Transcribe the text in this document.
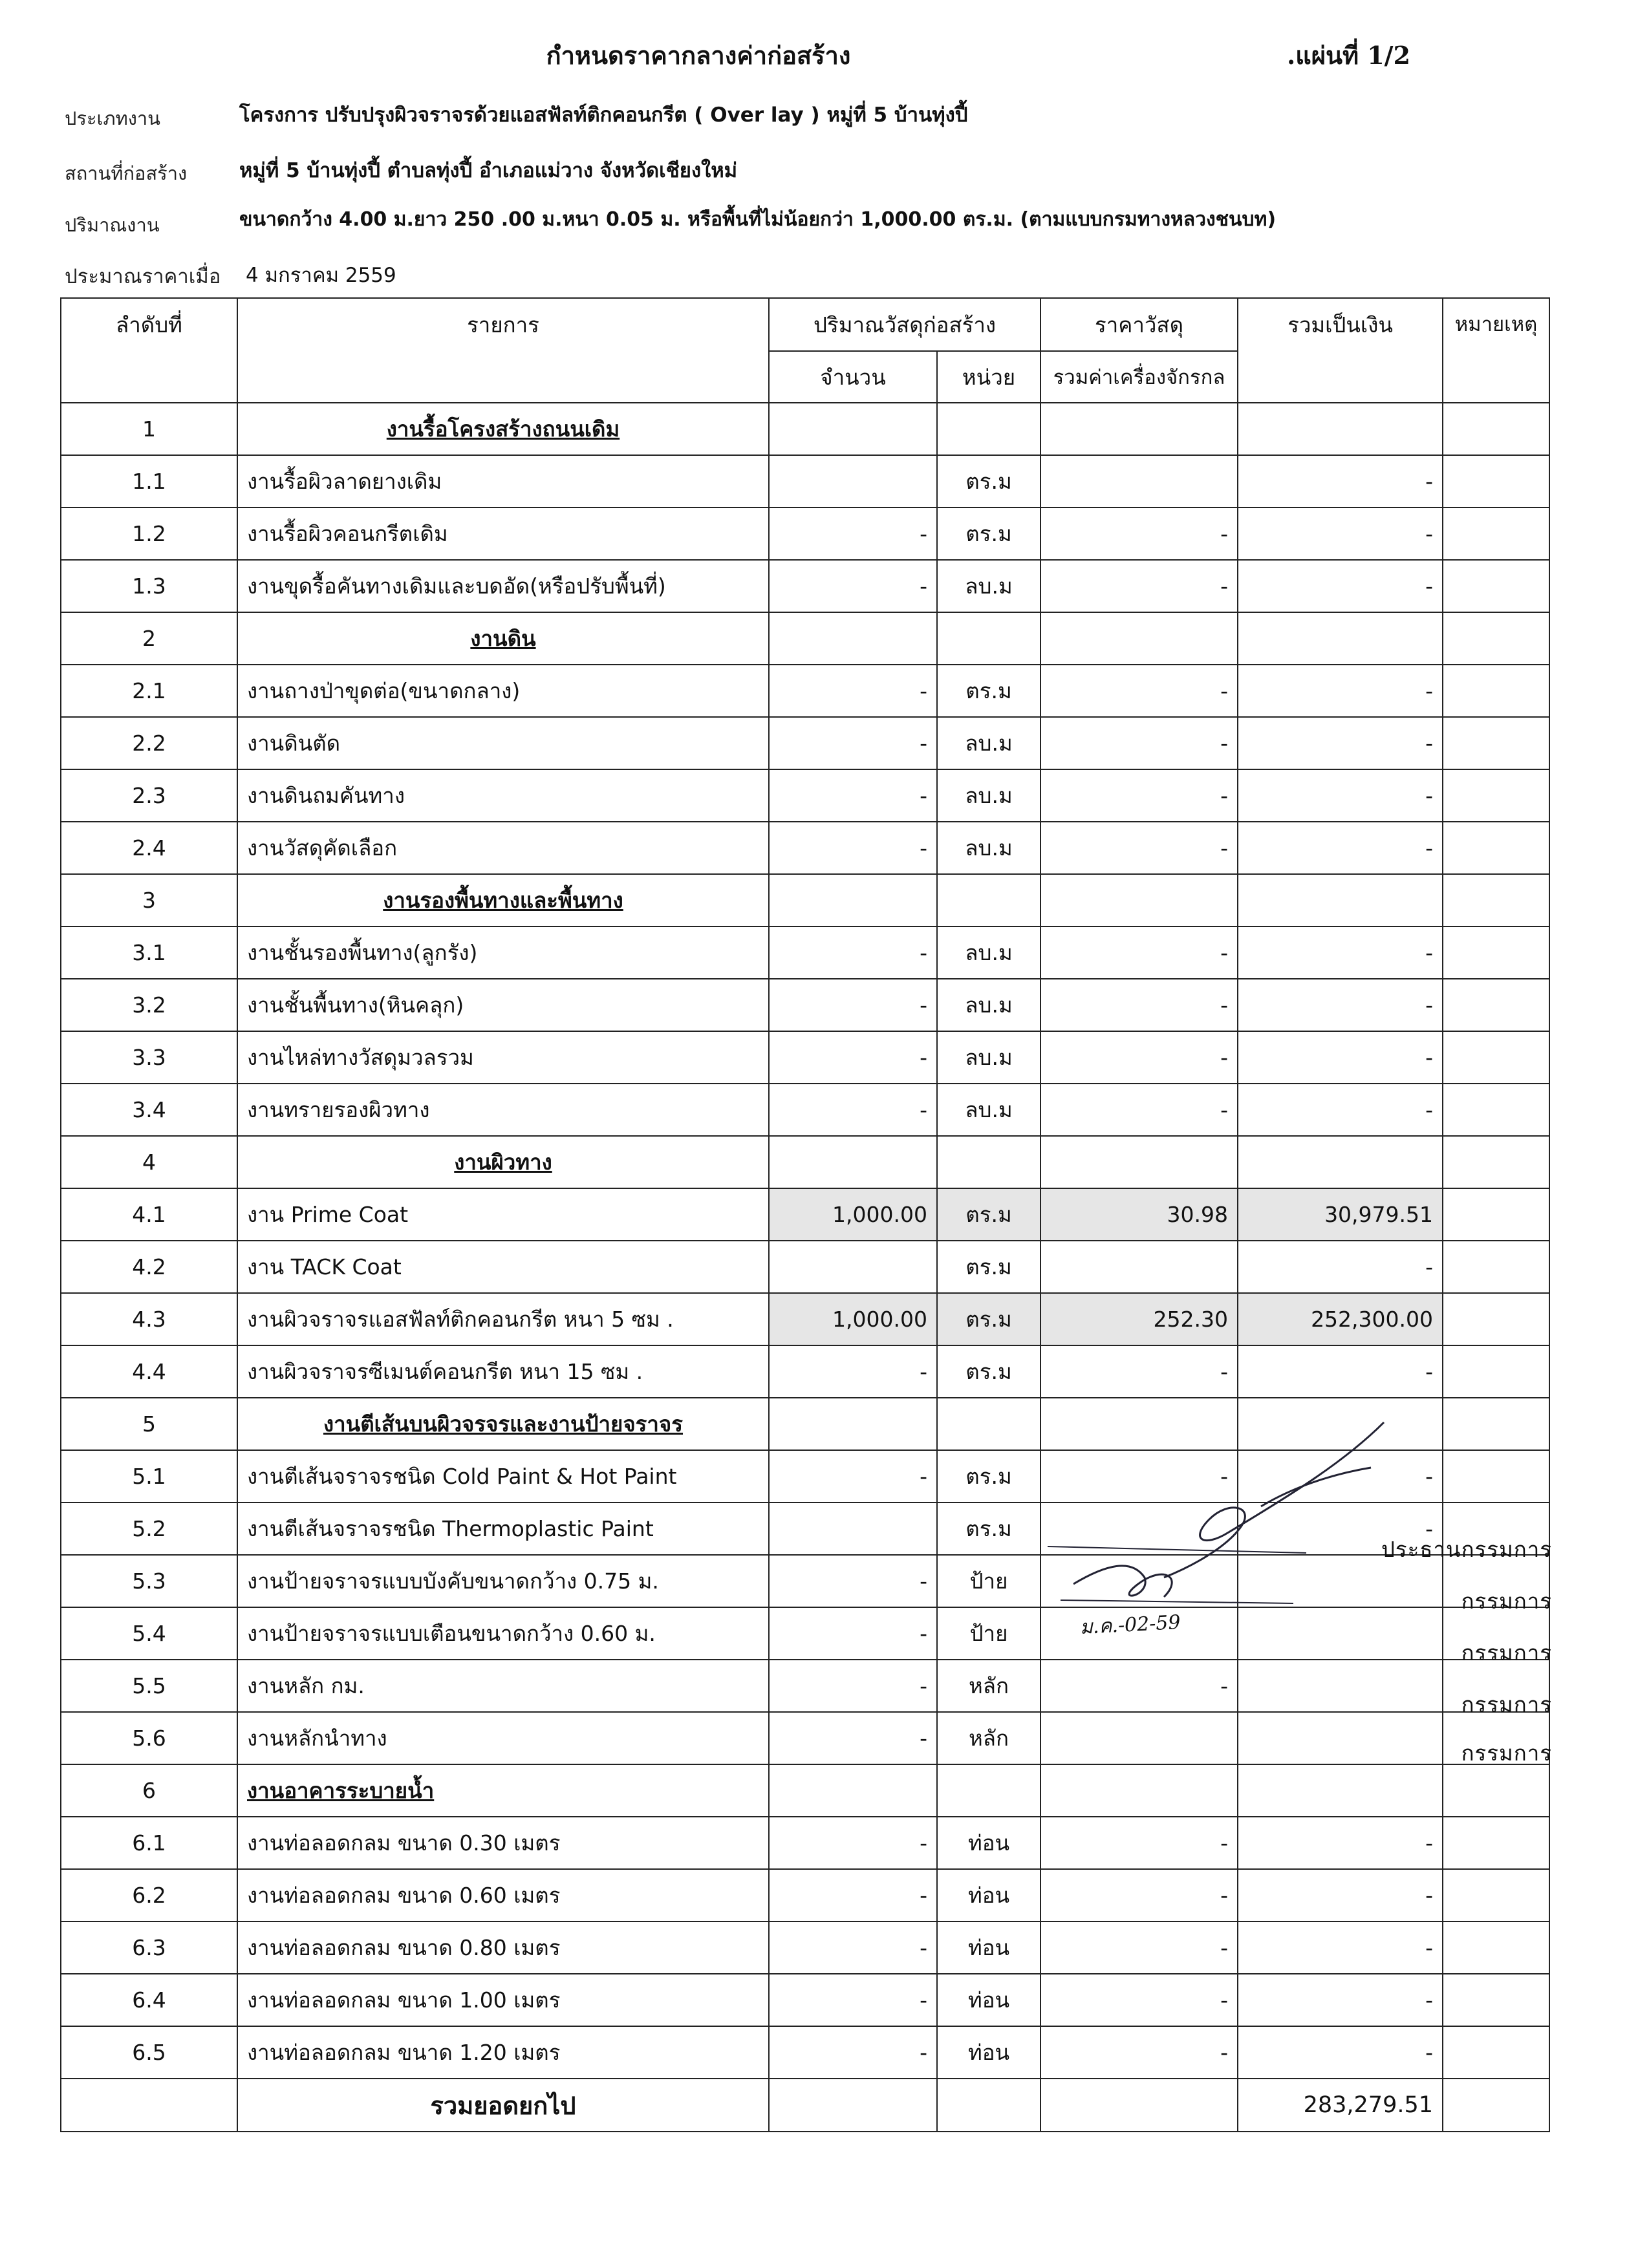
กำหนดราคากลางค่าก่อสร้าง	.แผ่นที่ 1/2
ประเภทงาน	โครงการ ปรับปรุงผิวจราจรด้วยแอสฟัลท์ติกคอนกรีต ( Over lay ) หมู่ที่ 5 บ้านทุ่งปี้
สถานที่ก่อสร้าง	หมู่ที่ 5 บ้านทุ่งปี้ ตำบลทุ่งปี้ อำเภอแม่วาง จังหวัดเชียงใหม่
ปริมาณงาน	ขนาดกว้าง 4.00 ม.ยาว 250 .00 ม.หนา 0.05 ม. หรือพื้นที่ไม่น้อยกว่า 1,000.00 ตร.ม. (ตามแบบกรมทางหลวงชนบท)
ประมาณราคาเมื่อ 4 มกราคม 2559
ลำดับที่	รายการ	ปริมาณวัสดุก่อสร้าง		ราคาวัสดุ	รวมเป็นเงิน	หมายเหตุ
		จำนวน	หน่วย	รวมค่าเครื่องจักรกล		
1	งานรื้อโครงสร้างถนนเดิม					
1.1	งานรื้อผิวลาดยางเดิม		ตร.ม		-	
1.2	งานรื้อผิวคอนกรีตเดิม	-	ตร.ม	-	-	
1.3	งานขุดรื้อคันทางเดิมและบดอัด(หรือปรับพื้นที่)	-	ลบ.ม	-	-	
2	งานดิน					
2.1	งานถางป่าขุดต่อ(ขนาดกลาง)	-	ตร.ม	-	-	
2.2	งานดินตัด	-	ลบ.ม	-	-	
2.3	งานดินถมคันทาง	-	ลบ.ม	-	-	
2.4	งานวัสดุคัดเลือก	-	ลบ.ม	-	-	
3	งานรองพื้นทางและพื้นทาง					
3.1	งานชั้นรองพื้นทาง(ลูกรัง)	-	ลบ.ม	-	-	
3.2	งานชั้นพื้นทาง(หินคลุก)	-	ลบ.ม	-	-	
3.3	งานไหล่ทางวัสดุมวลรวม	-	ลบ.ม	-	-	
3.4	งานทรายรองผิวทาง	-	ลบ.ม	-	-	
4	งานผิวทาง					
4.1	งาน Prime Coat	1,000.00	ตร.ม	30.98	30,979.51	
4.2	งาน TACK Coat		ตร.ม		-	
4.3	งานผิวจราจรแอสฟัลท์ติกคอนกรีต หนา 5 ซม .	1,000.00	ตร.ม	252.30	252,300.00	
4.4	งานผิวจราจรซีเมนต์คอนกรีต หนา 15 ซม .	-	ตร.ม	-	-	
5	งานตีเส้นบนผิวจรจรและงานป้ายจราจร					
5.1	งานตีเส้นจราจรชนิด Cold Paint & Hot Paint	-	ตร.ม	-	-	
5.2	งานตีเส้นจราจรชนิด Thermoplastic Paint		ตร.ม		-	
5.3	งานป้ายจราจรแบบบังคับขนาดกว้าง 0.75 ม.	-	ป้าย			
5.4	งานป้ายจราจรแบบเตือนขนาดกว้าง 0.60 ม.	-	ป้าย			
5.5	งานหลัก กม.	-	หลัก	-		
5.6	งานหลักนำทาง	-	หลัก			
6	งานอาคารระบายน้ำ					
6.1	งานท่อลอดกลม ขนาด 0.30 เมตร	-	ท่อน	-	-	
6.2	งานท่อลอดกลม ขนาด 0.60 เมตร	-	ท่อน	-	-	
6.3	งานท่อลอดกลม ขนาด 0.80 เมตร	-	ท่อน	-	-	
6.4	งานท่อลอดกลม ขนาด 1.00 เมตร	-	ท่อน	-	-	
6.5	งานท่อลอดกลม ขนาด 1.20 เมตร	-	ท่อน	-	-	
	รวมยอดยกไป				283,279.51	
ประธานกรรมการ
กรรมการ
ม.ค.-02-59
กรรมการ
กรรมการ
กรรมการ
